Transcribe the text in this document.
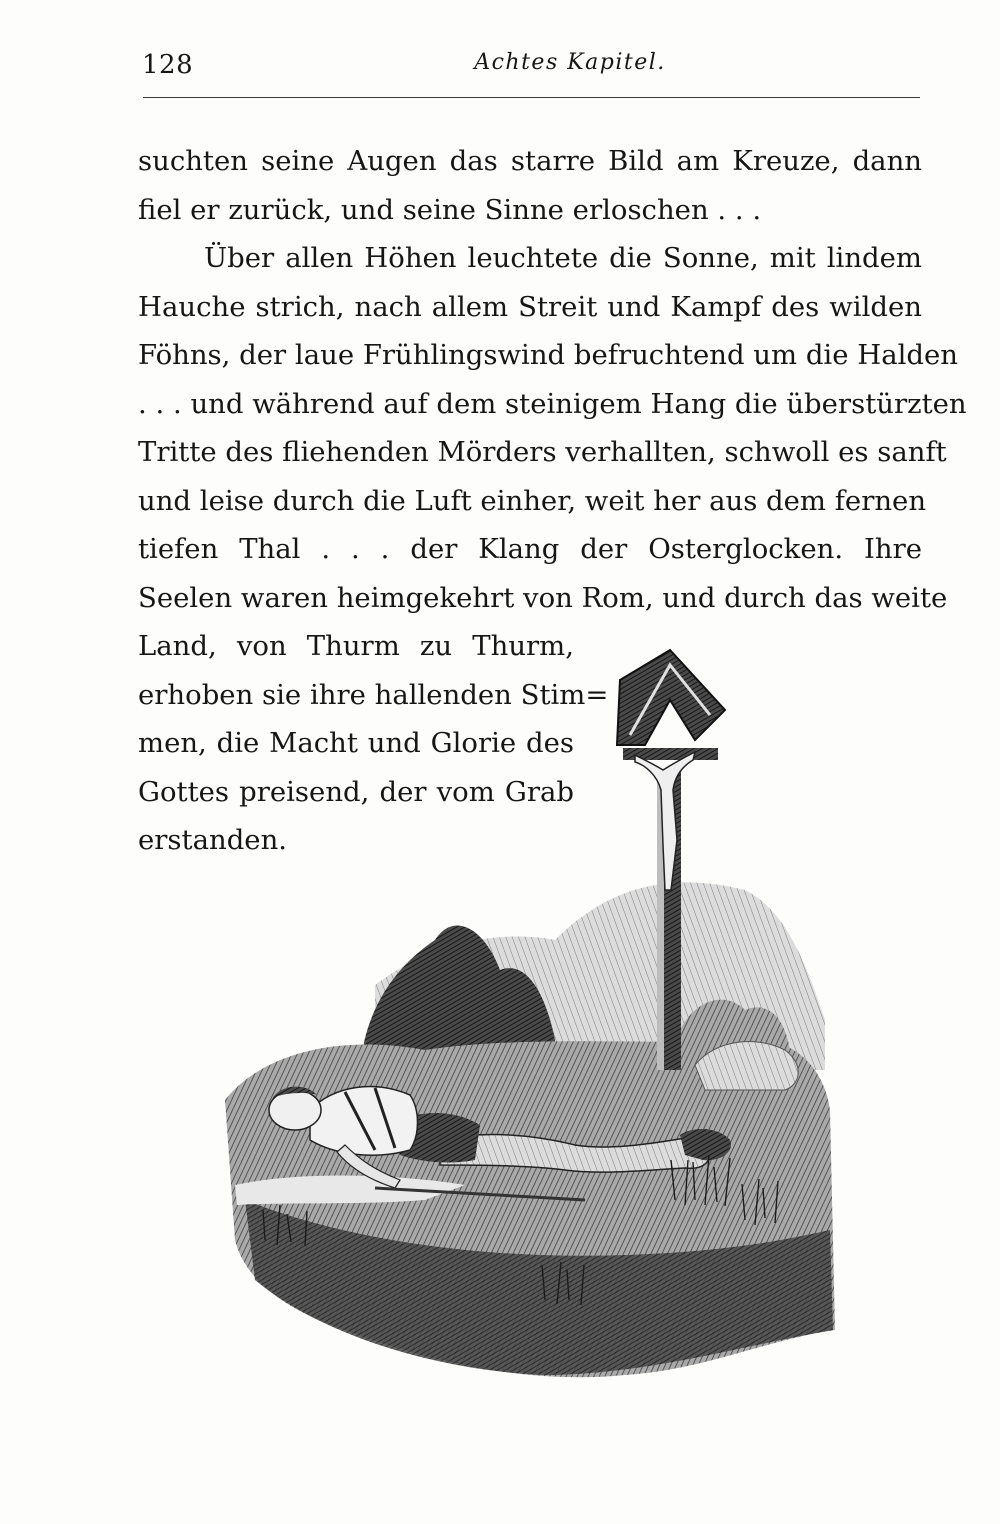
128	Achtes Kapitel.

suchten seine Augen das starre Bild am Kreuze, dann
fiel er zurück, und seine Sinne erloschen . . .

Über allen Höhen leuchtete die Sonne, mit lindem
Hauche strich, nach allem Streit und Kampf des wilden
Föhns, der laue Frühlingswind befruchtend um die Halden
. . . und während auf dem steinigem Hang die überstürzten
Tritte des fliehenden Mörders verhallten, schwoll es sanft
und leise durch die Luft einher, weit her aus dem fernen
tiefen Thal . . . der Klang der Osterglocken. Ihre
Seelen waren heimgekehrt von Rom, und durch das weite
Land, von Thurm zu Thurm,
erhoben sie ihre hallenden Stim=
men, die Macht und Glorie des
Gottes preisend, der vom Grab
erstanden.
